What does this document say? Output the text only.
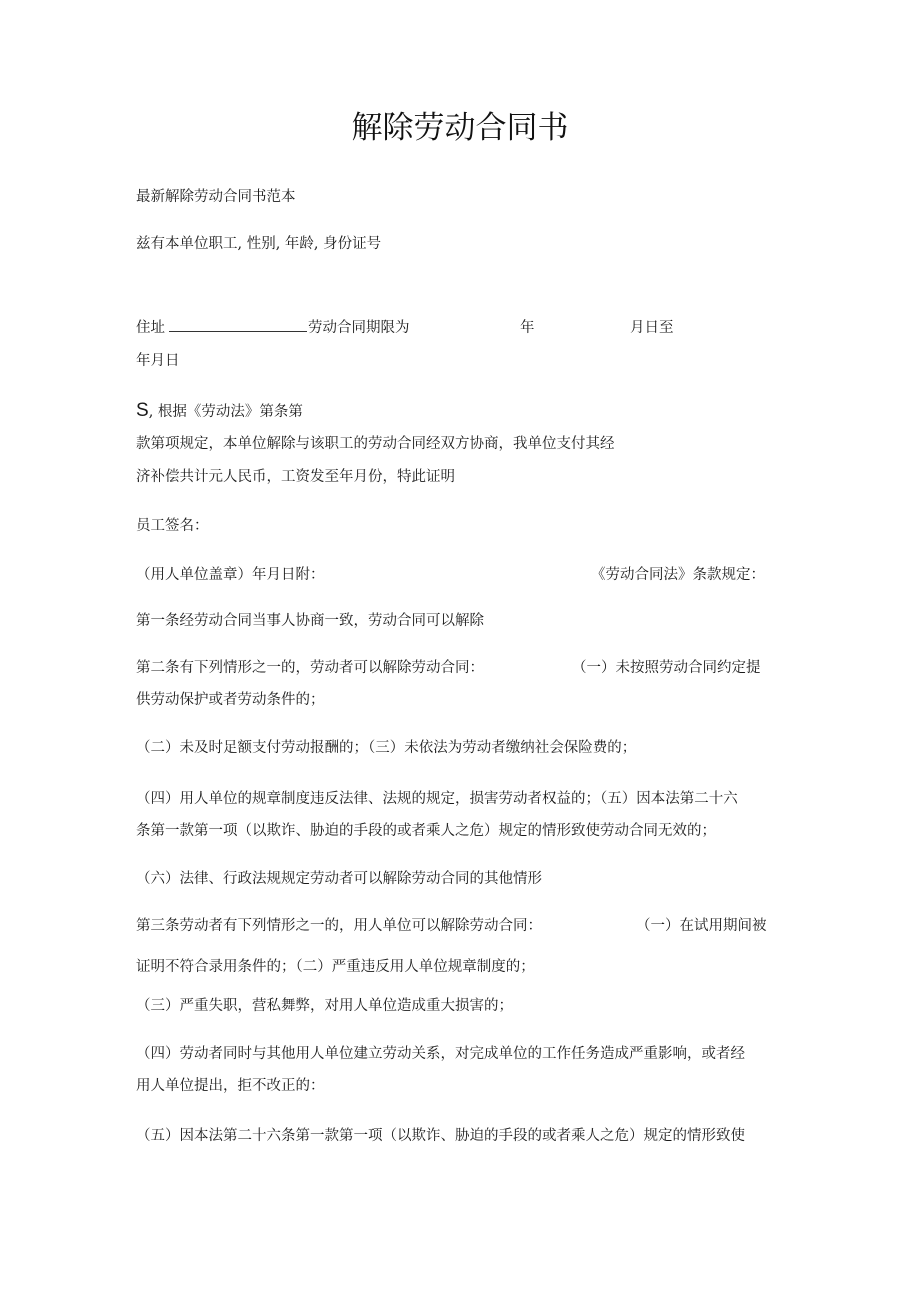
解除劳动合同书
最新解除劳动合同书范本
兹有本单位职工, 性别, 年龄, 身份证号
住址	劳动合同期限为	年	月日至
年月日
S, 根据《劳动法》第条第
款第项规定，本单位解除与该职工的劳动合同经双方协商，我单位支付其经
济补偿共计元人民币，工资发至年月份，特此证明
员工签名：
（用人单位盖章）年月日附：	《劳动合同法》条款规定：
第一条经劳动合同当事人协商一致，劳动合同可以解除
第二条有下列情形之一的，劳动者可以解除劳动合同：	（一）未按照劳动合同约定提
供劳动保护或者劳动条件的；
（二）未及时足额支付劳动报酬的；（三）未依法为劳动者缴纳社会保险费的；
（四）用人单位的规章制度违反法律、法规的规定，损害劳动者权益的；（五）因本法第二十六
条第一款第一项（以欺诈、胁迫的手段的或者乘人之危）规定的情形致使劳动合同无效的；
（六）法律、行政法规规定劳动者可以解除劳动合同的其他情形
第三条劳动者有下列情形之一的，用人单位可以解除劳动合同：	（一）在试用期间被
证明不符合录用条件的；（二）严重违反用人单位规章制度的；
（三）严重失职，营私舞弊，对用人单位造成重大损害的；
（四）劳动者同时与其他用人单位建立劳动关系，对完成单位的工作任务造成严重影响，或者经
用人单位提出，拒不改正的：
（五）因本法第二十六条第一款第一项（以欺诈、胁迫的手段的或者乘人之危）规定的情形致使
